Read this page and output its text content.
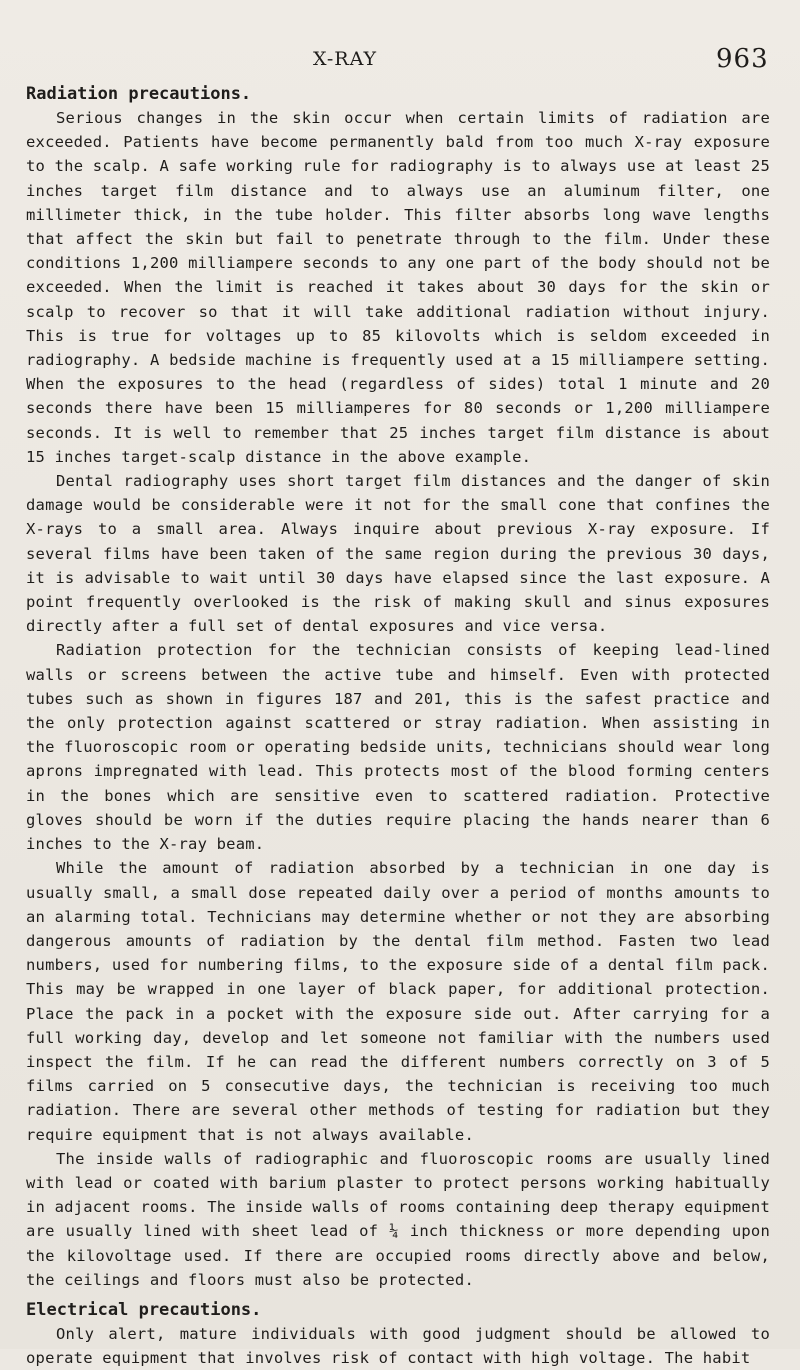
X-RAY	963
Radiation precautions.

Serious changes in the skin occur when certain limits of radiation are exceeded. Patients have become permanently bald from too much X-ray exposure to the scalp. A safe working rule for radiography is to always use at least 25 inches target film distance and to always use an aluminum filter, one millimeter thick, in the tube holder. This filter absorbs long wave lengths that affect the skin but fail to penetrate through to the film. Under these conditions 1,200 milliampere seconds to any one part of the body should not be exceeded. When the limit is reached it takes about 30 days for the skin or scalp to recover so that it will take additional radiation without injury. This is true for voltages up to 85 kilovolts which is seldom exceeded in radiography. A bedside machine is frequently used at a 15 milliampere setting. When the exposures to the head (regardless of sides) total 1 minute and 20 seconds there have been 15 milliamperes for 80 seconds or 1,200 milliampere seconds. It is well to remember that 25 inches target film distance is about 15 inches target-scalp distance in the above example.

Dental radiography uses short target film distances and the danger of skin damage would be considerable were it not for the small cone that confines the X-rays to a small area. Always inquire about previous X-ray exposure. If several films have been taken of the same region during the previous 30 days, it is advisable to wait until 30 days have elapsed since the last exposure. A point frequently overlooked is the risk of making skull and sinus exposures directly after a full set of dental exposures and vice versa.

Radiation protection for the technician consists of keeping lead-lined walls or screens between the active tube and himself. Even with protected tubes such as shown in figures 187 and 201, this is the safest practice and the only protection against scattered or stray radiation. When assisting in the fluoroscopic room or operating bedside units, technicians should wear long aprons impregnated with lead. This protects most of the blood forming centers in the bones which are sensitive even to scattered radiation. Protective gloves should be worn if the duties require placing the hands nearer than 6 inches to the X-ray beam.

While the amount of radiation absorbed by a technician in one day is usually small, a small dose repeated daily over a period of months amounts to an alarming total. Technicians may determine whether or not they are absorbing dangerous amounts of radiation by the dental film method. Fasten two lead numbers, used for numbering films, to the exposure side of a dental film pack. This may be wrapped in one layer of black paper, for additional protection. Place the pack in a pocket with the exposure side out. After carrying for a full working day, develop and let someone not familiar with the numbers used inspect the film. If he can read the different numbers correctly on 3 of 5 films carried on 5 consecutive days, the technician is receiving too much radiation. There are several other methods of testing for radiation but they require equipment that is not always available.

The inside walls of radiographic and fluoroscopic rooms are usually lined with lead or coated with barium plaster to protect persons working habitually in adjacent rooms. The inside walls of rooms containing deep therapy equipment are usually lined with sheet lead of ¼ inch thickness or more depending upon the kilovoltage used. If there are occupied rooms directly above and below, the ceilings and floors must also be protected.

Electrical precautions.

Only alert, mature individuals with good judgment should be allowed to operate equipment that involves risk of contact with high voltage. The habit
